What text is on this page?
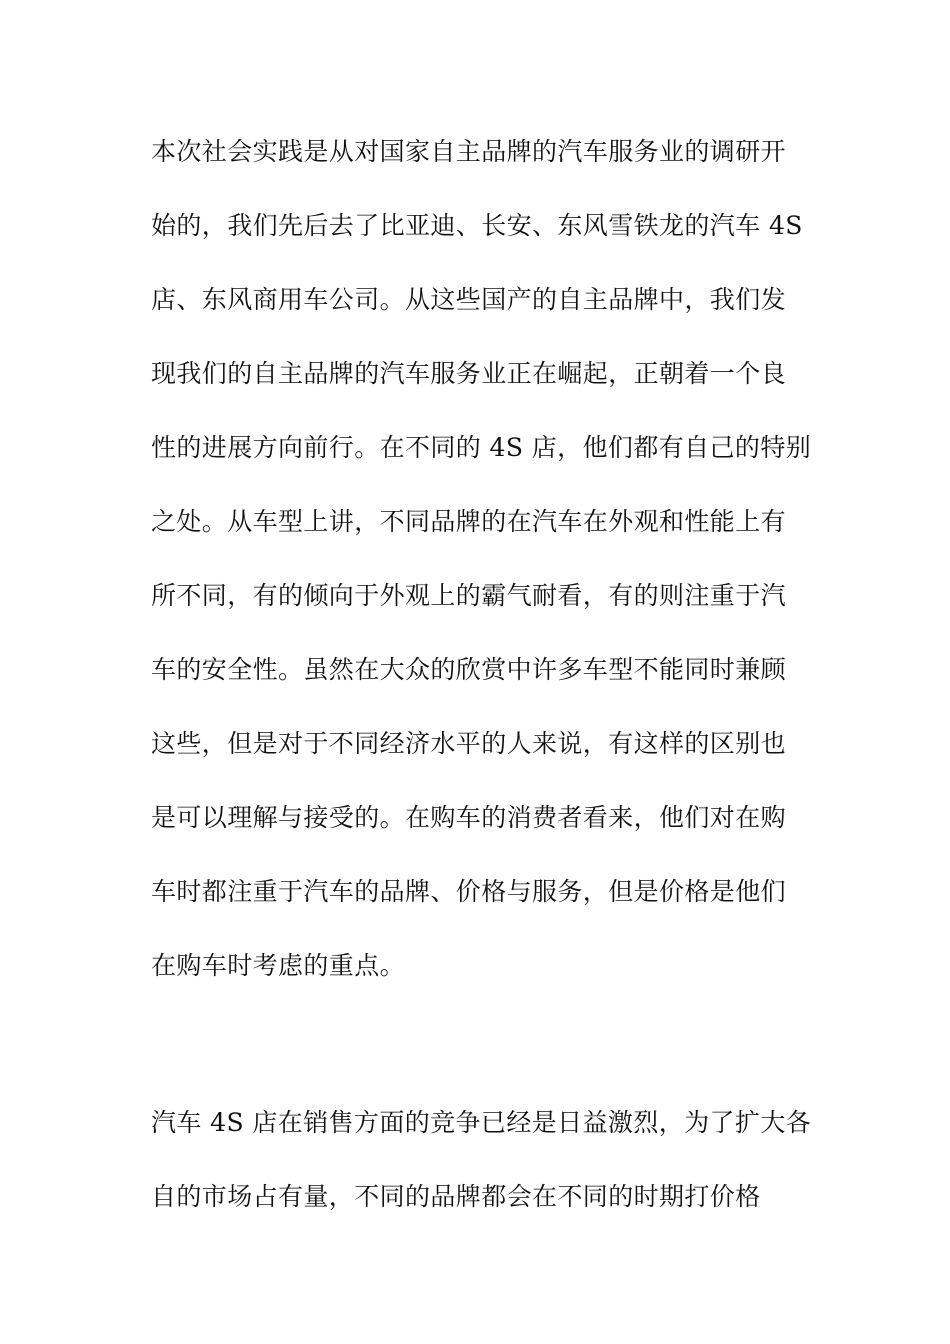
本次社会实践是从对国家自主品牌的汽车服务业的调研开
始的，我们先后去了比亚迪、长安、东风雪铁龙的汽车 4S
店、东风商用车公司。从这些国产的自主品牌中，我们发
现我们的自主品牌的汽车服务业正在崛起，正朝着一个良
性的进展方向前行。在不同的 4S 店，他们都有自己的特别
之处。从车型上讲，不同品牌的在汽车在外观和性能上有
所不同，有的倾向于外观上的霸气耐看，有的则注重于汽
车的安全性。虽然在大众的欣赏中许多车型不能同时兼顾
这些，但是对于不同经济水平的人来说，有这样的区别也
是可以理解与接受的。在购车的消费者看来，他们对在购
车时都注重于汽车的品牌、价格与服务，但是价格是他们
在购车时考虑的重点。
汽车 4S 店在销售方面的竞争已经是日益激烈，为了扩大各
自的市场占有量，不同的品牌都会在不同的时期打价格
